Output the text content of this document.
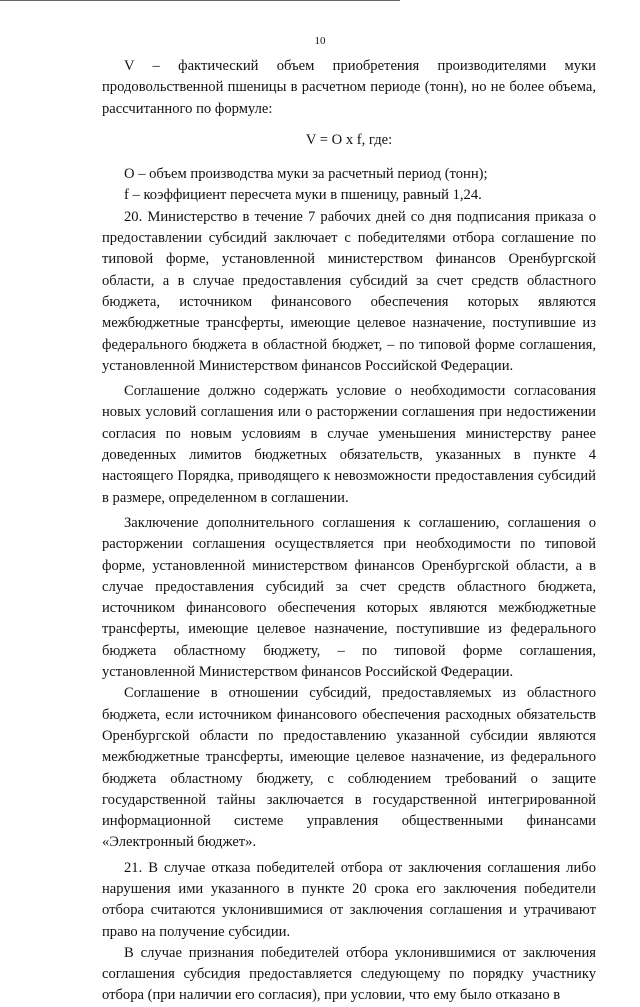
10

V – фактический объем приобретения производителями муки продовольственной пшеницы в расчетном периоде (тонн), но не более объема, рассчитанного по формуле:

V = O x f, где:

O – объем производства муки за расчетный период (тонн);

f – коэффициент пересчета муки в пшеницу, равный 1,24.

20. Министерство в течение 7 рабочих дней со дня подписания приказа о предоставлении субсидий заключает с победителями отбора соглашение по типовой форме, установленной министерством финансов Оренбургской области, а в случае предоставления субсидий за счет средств областного бюджета, источником финансового обеспечения которых являются межбюджетные трансферты, имеющие целевое назначение, поступившие из федерального бюджета в областной бюджет, – по типовой форме соглашения, установленной Министерством финансов Российской Федерации.

Соглашение должно содержать условие о необходимости согласования новых условий соглашения или о расторжении соглашения при недостижении согласия по новым условиям в случае уменьшения министерству ранее доведенных лимитов бюджетных обязательств, указанных в пункте 4 настоящего Порядка, приводящего к невозможности предоставления субсидий в размере, определенном в соглашении.

Заключение дополнительного соглашения к соглашению, соглашения о расторжении соглашения осуществляется при необходимости по типовой форме, установленной министерством финансов Оренбургской области, а в случае предоставления субсидий за счет средств областного бюджета, источником финансового обеспечения которых являются межбюджетные трансферты, имеющие целевое назначение, поступившие из федерального бюджета областному бюджету, – по типовой форме соглашения, установленной Министерством финансов Российской Федерации.

Соглашение в отношении субсидий, предоставляемых из областного бюджета, если источником финансового обеспечения расходных обязательств Оренбургской области по предоставлению указанной субсидии являются межбюджетные трансферты, имеющие целевое назначение, из федерального бюджета областному бюджету, с соблюдением требований о защите государственной тайны заключается в государственной интегрированной информационной системе управления общественными финансами «Электронный бюджет».

21. В случае отказа победителей отбора от заключения соглашения либо нарушения ими указанного в пункте 20 срока его заключения победители отбора считаются уклонившимися от заключения соглашения и утрачивают право на получение субсидии.

В случае признания победителей отбора уклонившимися от заключения соглашения субсидия предоставляется следующему по порядку участнику отбора (при наличии его согласия), при условии, что ему было отказано в
